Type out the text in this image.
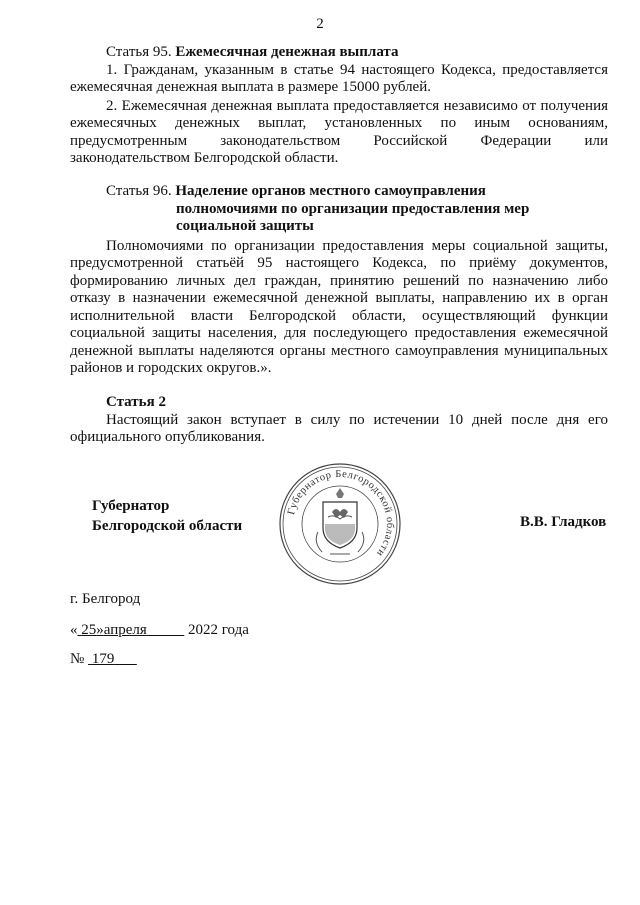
2

Статья 95. Ежемесячная денежная выплата

1. Гражданам, указанным в статье 94 настоящего Кодекса, предоставляется ежемесячная денежная выплата в размере 15000 рублей.

2. Ежемесячная денежная выплата предоставляется независимо от получения ежемесячных денежных выплат, установленных по иным основаниям, предусмотренным законодательством Российской Федерации или законодательством Белгородской области.

Статья 96. Наделение органов местного самоуправления

полномочиями по организации предоставления мер

социальной защиты

Полномочиями по организации предоставления меры социальной защиты, предусмотренной статьёй 95 настоящего Кодекса, по приёму документов, формированию личных дел граждан, принятию решений по назначению либо отказу в назначении ежемесячной денежной выплаты, направлению их в орган исполнительной власти Белгородской области, осуществляющий функции социальной защиты населения, для последующего предоставления ежемесячной денежной выплаты наделяются органы местного самоуправления муниципальных районов и городских округов.».

Статья 2

Настоящий закон вступает в силу по истечении 10 дней после дня его официального опубликования.

Губернатор
Белгородской области	В.В. Гладков
Губернатор Белгородской области
г. Белгород
« 25»апреля	2022 года
№ 179
